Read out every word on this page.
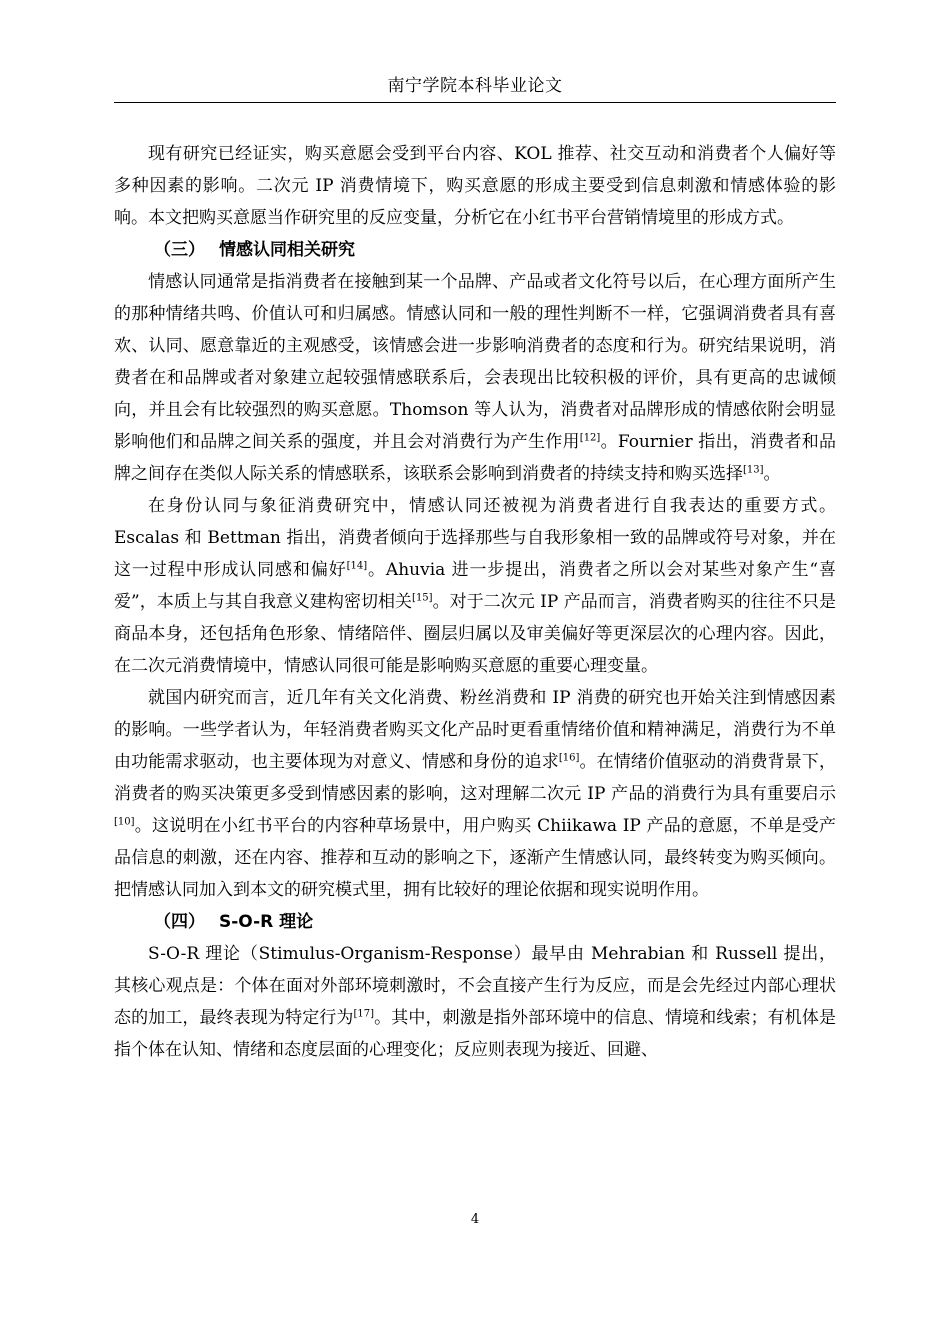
南宁学院本科毕业论文

现有研究已经证实，购买意愿会受到平台内容、KOL 推荐、社交互动和消费者个人偏好等多种因素的影响。二次元 IP 消费情境下，购买意愿的形成主要受到信息刺激和情感体验的影响。本文把购买意愿当作研究里的反应变量，分析它在小红书平台营销情境里的形成方式。

（三） 情感认同相关研究

情感认同通常是指消费者在接触到某一个品牌、产品或者文化符号以后，在心理方面所产生的那种情绪共鸣、价值认可和归属感。情感认同和一般的理性判断不一样，它强调消费者具有喜欢、认同、愿意靠近的主观感受，该情感会进一步影响消费者的态度和行为。研究结果说明，消费者在和品牌或者对象建立起较强情感联系后，会表现出比较积极的评价，具有更高的忠诚倾向，并且会有比较强烈的购买意愿。Thomson 等人认为，消费者对品牌形成的情感依附会明显影响他们和品牌之间关系的强度，并且会对消费行为产生作用[12]。Fournier 指出，消费者和品牌之间存在类似人际关系的情感联系，该联系会影响到消费者的持续支持和购买选择[13]。

在身份认同与象征消费研究中，情感认同还被视为消费者进行自我表达的重要方式。Escalas 和 Bettman 指出，消费者倾向于选择那些与自我形象相一致的品牌或符号对象，并在这一过程中形成认同感和偏好[14]。Ahuvia 进一步提出，消费者之所以会对某些对象产生“喜爱”，本质上与其自我意义建构密切相关[15]。对于二次元 IP 产品而言，消费者购买的往往不只是商品本身，还包括角色形象、情绪陪伴、圈层归属以及审美偏好等更深层次的心理内容。因此，在二次元消费情境中，情感认同很可能是影响购买意愿的重要心理变量。

就国内研究而言，近几年有关文化消费、粉丝消费和 IP 消费的研究也开始关注到情感因素的影响。一些学者认为，年轻消费者购买文化产品时更看重情绪价值和精神满足，消费行为不单由功能需求驱动，也主要体现为对意义、情感和身份的追求[16]。在情绪价值驱动的消费背景下，消费者的购买决策更多受到情感因素的影响，这对理解二次元 IP 产品的消费行为具有重要启示[10]。这说明在小红书平台的内容种草场景中，用户购买 Chiikawa IP 产品的意愿，不单是受产品信息的刺激，还在内容、推荐和互动的影响之下，逐渐产生情感认同，最终转变为购买倾向。把情感认同加入到本文的研究模式里，拥有比较好的理论依据和现实说明作用。

（四） S-O-R 理论

S-O-R 理论（Stimulus-Organism-Response）最早由 Mehrabian 和 Russell 提出，其核心观点是：个体在面对外部环境刺激时，不会直接产生行为反应，而是会先经过内部心理状态的加工，最终表现为特定行为[17]。其中，刺激是指外部环境中的信息、情境和线索；有机体是指个体在认知、情绪和态度层面的心理变化；反应则表现为接近、回避、

4
